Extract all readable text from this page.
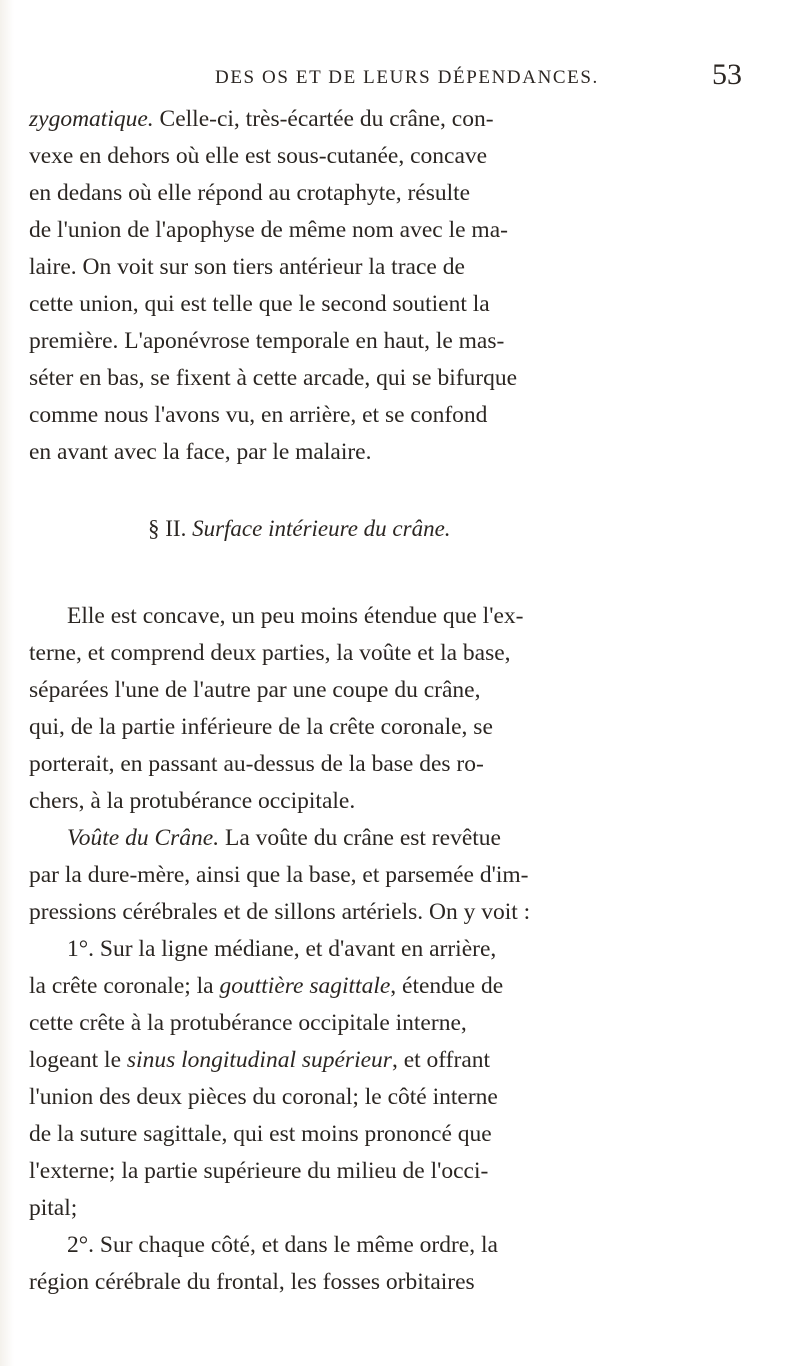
DES OS ET DE LEURS DÉPENDANCES.	53
zygomatique. Celle-ci, très-écartée du crâne, con-
vexe en dehors où elle est sous-cutanée, concave
en dedans où elle répond au crotaphyte, résulte
de l'union de l'apophyse de même nom avec le ma-
laire. On voit sur son tiers antérieur la trace de
cette union, qui est telle que le second soutient la
première. L'aponévrose temporale en haut, le mas-
séter en bas, se fixent à cette arcade, qui se bifurque
comme nous l'avons vu, en arrière, et se confond
en avant avec la face, par le malaire.
§ II. Surface intérieure du crâne.
Elle est concave, un peu moins étendue que l'ex-
terne, et comprend deux parties, la voûte et la base,
séparées l'une de l'autre par une coupe du crâne,
qui, de la partie inférieure de la crête coronale, se
porterait, en passant au-dessus de la base des ro-
chers, à la protubérance occipitale.
Voûte du Crâne. La voûte du crâne est revêtue
par la dure-mère, ainsi que la base, et parsemée d'im-
pressions cérébrales et de sillons artériels. On y voit :
1°. Sur la ligne médiane, et d'avant en arrière,
la crête coronale; la gouttière sagittale, étendue de
cette crête à la protubérance occipitale interne,
logeant le sinus longitudinal supérieur, et offrant
l'union des deux pièces du coronal; le côté interne
de la suture sagittale, qui est moins prononcé que
l'externe; la partie supérieure du milieu de l'occi-
pital;
2°. Sur chaque côté, et dans le même ordre, la
région cérébrale du frontal, les fosses orbitaires
